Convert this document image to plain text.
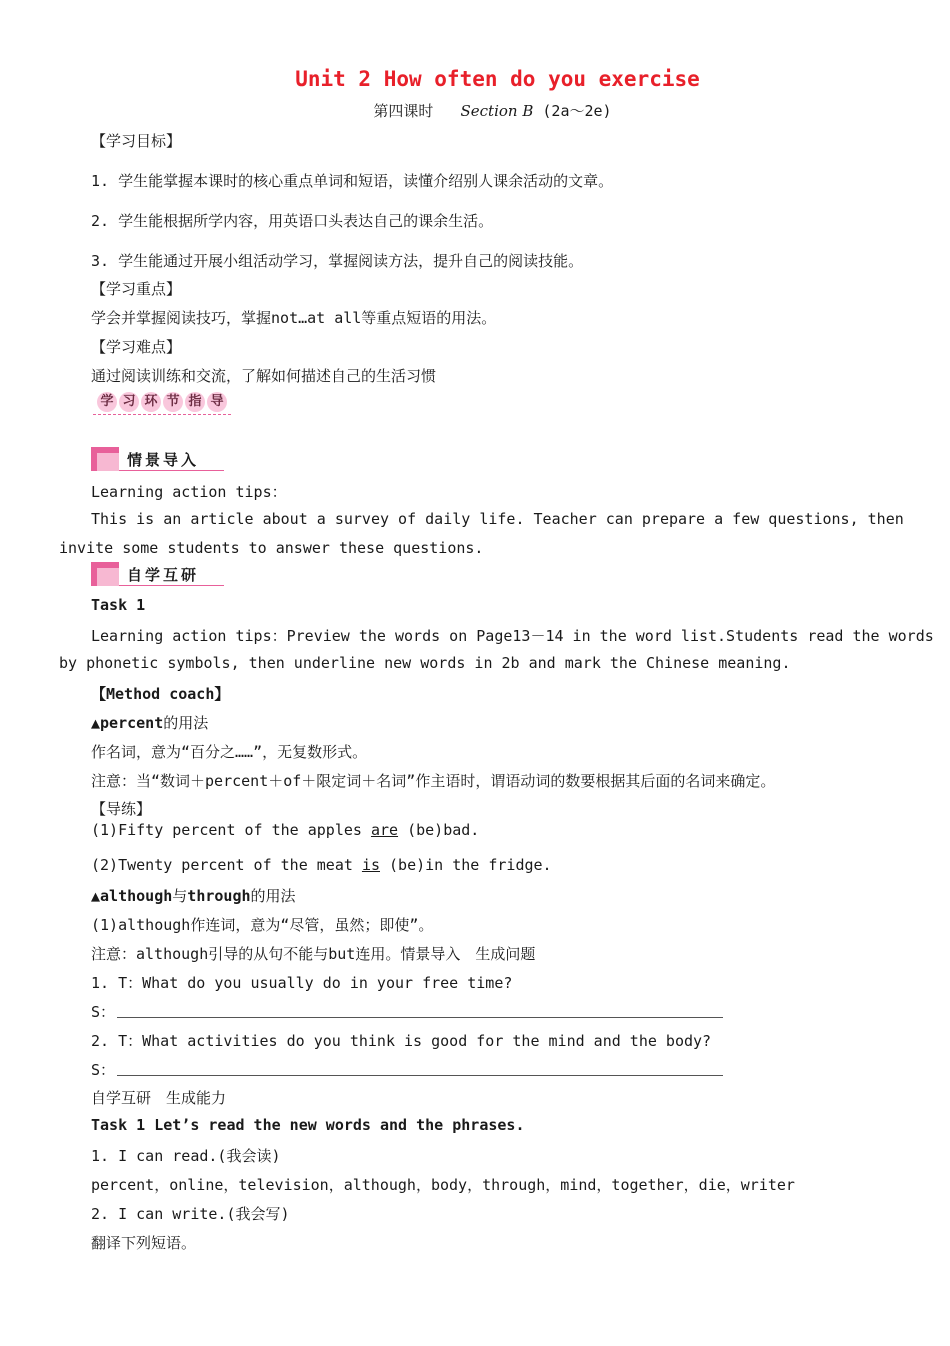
Unit 2 How often do you exercise
第四课时 Section B (2a～2e)
【学习目标】
1. 学生能掌握本课时的核心重点单词和短语，读懂介绍别人课余活动的文章。
2. 学生能根据所学内容，用英语口头表达自己的课余生活。
3. 学生能通过开展小组活动学习，掌握阅读方法，提升自己的阅读技能。
【学习重点】
学会并掌握阅读技巧，掌握not…at all等重点短语的用法。
【学习难点】
通过阅读训练和交流，了解如何描述自己的生活习惯
学 习 环 节 指 导
情景导入
Learning action tips：
This is an article about a survey of daily life. Teacher can prepare a few questions, then
invite some students to answer these questions.
自学互研
Task 1
Learning action tips：Preview the words on Page13－14 in the word list.Students read the words
by phonetic symbols, then underline new words in 2b and mark the Chinese meaning.
【Method coach】
▲percent的用法
作名词，意为“百分之……”，无复数形式。
注意：当“数词＋percent＋of＋限定词＋名词”作主语时，谓语动词的数要根据其后面的名词来确定。
【导练】
(1)Fifty percent of the apples are (be)bad.
(2)Twenty percent of the meat is (be)in the fridge.
▲although与through的用法
(1)although作连词，意为“尽管，虽然；即使”。
注意：although引导的从句不能与but连用。情景导入　生成问题
1. T：What do you usually do in your free time?
S：
2. T：What activities do you think is good for the mind and the body?
S：
自学互研　生成能力
Task 1 Let’s read the new words and the phrases.
1. I can read.(我会读)
percent，online，television，although，body，through，mind，together，die，writer
2. I can write.(我会写)
翻译下列短语。
